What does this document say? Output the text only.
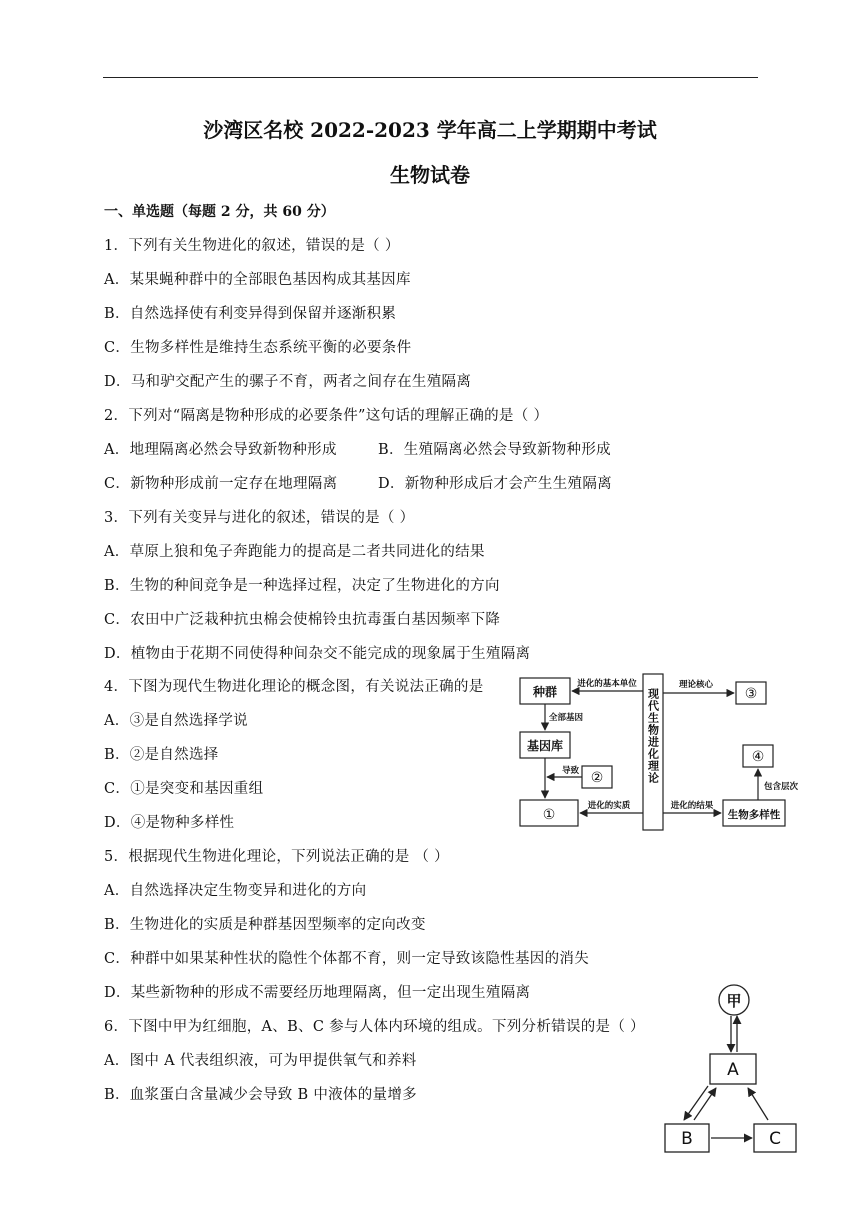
沙湾区名校 2022-2023 学年高二上学期期中考试
生物试卷
一、单选题（每题 2 分，共 60 分）
1．下列有关生物进化的叙述，错误的是（ ）
A．某果蝇种群中的全部眼色基因构成其基因库
B．自然选择使有利变异得到保留并逐渐积累
C．生物多样性是维持生态系统平衡的必要条件
D．马和驴交配产生的骡子不育，两者之间存在生殖隔离
2．下列对“隔离是物种形成的必要条件”这句话的理解正确的是（ ）
A．地理隔离必然会导致新物种形成	B．生殖隔离必然会导致新物种形成
C．新物种形成前一定存在地理隔离	D．新物种形成后才会产生生殖隔离
3．下列有关变异与进化的叙述，错误的是（ ）
A．草原上狼和兔子奔跑能力的提高是二者共同进化的结果
B．生物的种间竞争是一种选择过程，决定了生物进化的方向
C．农田中广泛栽种抗虫棉会使棉铃虫抗毒蛋白基因频率下降
D．植物由于花期不同使得种间杂交不能完成的现象属于生殖隔离
4．下图为现代生物进化理论的概念图，有关说法正确的是
A．③是自然选择学说
B．②是自然选择
C．①是突变和基因重组
D．④是物种多样性
种群
基因库
①
②
③
④
生物多样性
现代生物进化理论
进化的基本单位	理论核心
全部基因
导致
进化的实质	进化的结果
包含层次
5．根据现代生物进化理论，下列说法正确的是 （ ）
A．自然选择决定生物变异和进化的方向
B．生物进化的实质是种群基因型频率的定向改变
C．种群中如果某种性状的隐性个体都不育，则一定导致该隐性基因的消失
D．某些新物种的形成不需要经历地理隔离，但一定出现生殖隔离
6．下图中甲为红细胞，A、B、C 参与人体内环境的组成。下列分析错误的是（ ）
A．图中 A 代表组织液，可为甲提供氧气和养料
B．血浆蛋白含量减少会导致 B 中液体的量增多
甲
A
B	C
